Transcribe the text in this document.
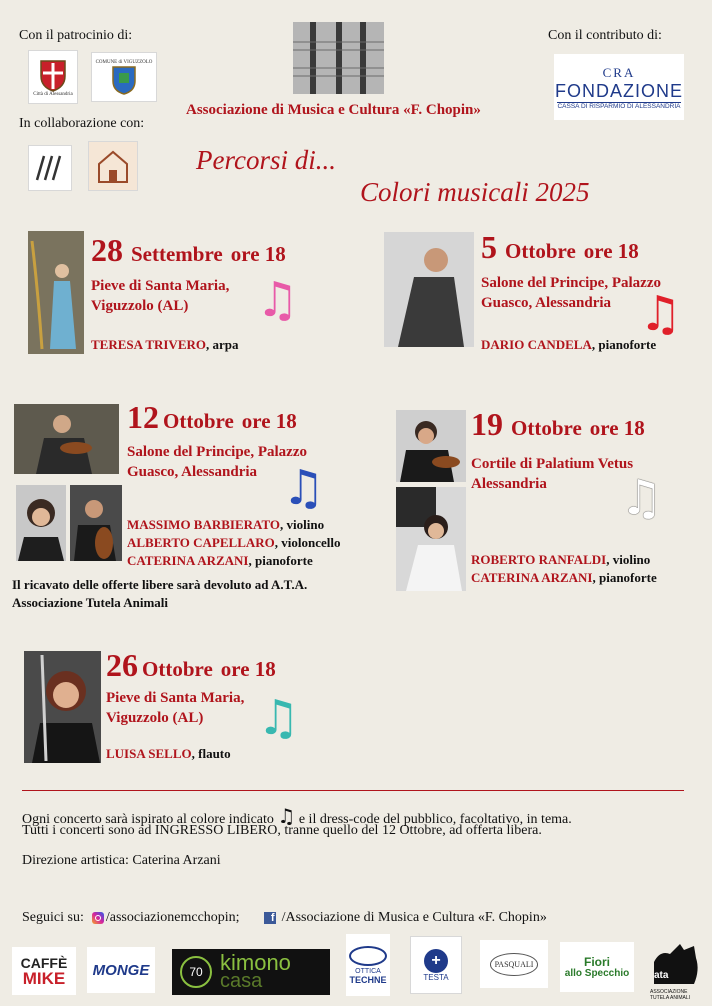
Con il patrocinio di:	Con il contributo di:
Città di Alessandria
COMUNE di VIGUZZOLO
In collaborazione con:
Associazione di Musica e Cultura «F. Chopin»
CRA
FONDAZIONE
CASSA DI RISPARMIO DI ALESSANDRIA
Percorsi di...
Colori musicali 2025
28 Settembre ore 18
Pieve di Santa Maria,
Viguzzolo (AL)	♫
TERESA TRIVERO, arpa
5 Ottobre ore 18
Salone del Principe, Palazzo
Guasco, Alessandria ♫
DARIO CANDELA, pianoforte
12 Ottobre ore 18
Salone del Principe, Palazzo
Guasco, Alessandria ♫
MASSIMO BARBIERATO, violino
ALBERTO CAPELLARO, violoncello
CATERINA ARZANI, pianoforte
Il ricavato delle offerte libere sarà devoluto ad A.T.A.
Associazione Tutela Animali
19 Ottobre ore 18
Cortile di Palatium Vetus
Alessandria	♫
ROBERTO RANFALDI, violino
CATERINA ARZANI, pianoforte
26 Ottobre ore 18
Pieve di Santa Maria,
Viguzzolo (AL)	♫
LUISA SELLO, flauto
Ogni concerto sarà ispirato al colore indicato ♫ e il dress-code del pubblico, facoltativo, in tema.
Tutti i concerti sono ad INGRESSO LIBERO, tranne quello del 12 Ottobre, ad offerta libera.
Direzione artistica: Caterina Arzani
Seguici su: /associazionemcchopin;	f /Associazione di Musica e Cultura «F. Chopin»
CAFFÈ
MIKE MONGE	70 kimono
casa	OTTICA
TECHNE
+
TESTA
PASQUALI	Fiori
allo Specchio ata
ASSOCIAZIONE TUTELA ANIMALI
